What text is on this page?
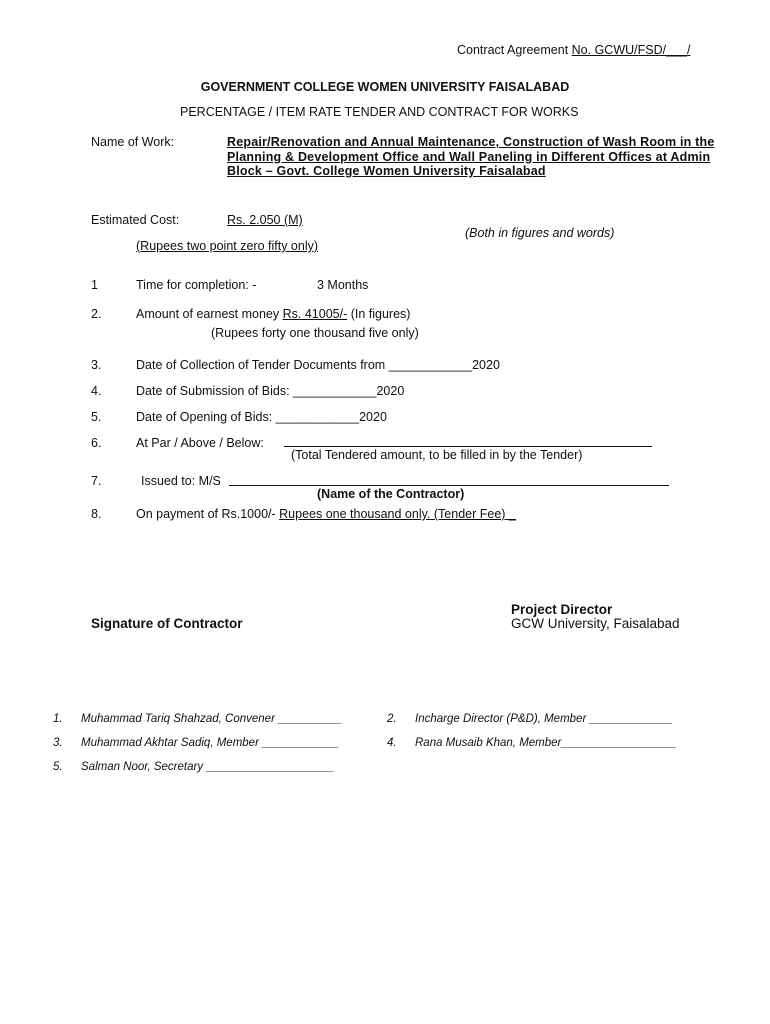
Contract Agreement No. GCWU/FSD/___/
GOVERNMENT COLLEGE WOMEN UNIVERSITY FAISALABAD
PERCENTAGE / ITEM RATE TENDER AND CONTRACT FOR WORKS
Name of Work:	Repair/Renovation and Annual Maintenance, Construction of Wash Room in the Planning & Development Office and Wall Paneling in Different Offices at Admin Block – Govt. College Women University Faisalabad
Estimated Cost:	Rs. 2.050 (M)
(Both in figures and words)
(Rupees two point zero fifty only)
1	Time for completion: -	3 Months
2.	Amount of earnest money Rs. 41005/- (In figures)
(Rupees forty one thousand five only)
3.	Date of Collection of Tender Documents from ____________2020
4.	Date of Submission of Bids: ____________2020
5.	Date of Opening of Bids: ____________2020
6.	At Par / Above / Below:
(Total Tendered amount, to be filled in by the Tender)
7.	Issued to: M/S
(Name of the Contractor)
8.	On payment of Rs.1000/- Rupees one thousand only. (Tender Fee) _
Project Director
Signature of Contractor	GCW University, Faisalabad
1. Muhammad Tariq Shahzad, Convener __________	2. Incharge Director (P&D), Member _____________
3. Muhammad Akhtar Sadiq, Member ____________	4. Rana Musaib Khan, Member__________________
5. Salman Noor, Secretary ____________________
